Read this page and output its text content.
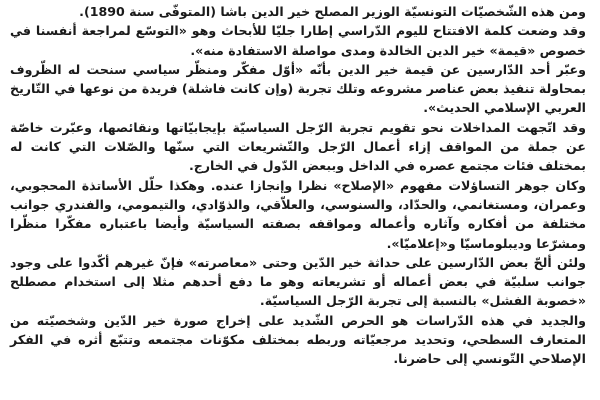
ومن هذه الشّخصيّات التونسيّة الوزير المصلح خير الدين باشا (المتوفّى سنة 1890).

وقد وضعت كلمة الافتتاح لليوم الدّراسي إطارا جليّا للأبحاث وهو «التوسّع لمراجعة أنفسنا في خصوص «قيمة» خير الدين الخالدة ومدى مواصلة الاستفادة منه».

وعبّر أحد الدّارسين عن قيمة خير الدين بأنّه «أوّل مفكّر ومنظّر سياسي سنحت له الظّروف بمحاولة تنفيذ بعض عناصر مشروعه وتلك تجربة (وإن كانت فاشلة) فريدة من نوعها في التّاريخ العربي الإسلامي الحديث».

وقد اتّجهت المداخلات نحو تقويم تجربة الرّجل السياسيّة بإيجابيّاتها ونقائصها، وعبّرت خاصّة عن جملة من المواقف إزاء أعمال الرّجل والتّشريعات التي سنّها والصّلات التي كانت له بمختلف فئات مجتمع عصره في الداخل وببعض الدّول في الخارج.

وكان جوهر التساؤلات مفهوم «الإصلاح» نظرا وإنجازا عنده. وهكذا حلّل الأساتذة المحجوبي، وعمران، ومستغانمي، والحدّاد، والسنوسي، والعلاّقي، والذوّادي، والتيمومي، والفندري جوانب مختلفة من أفكاره وآثاره وأعماله ومواقفه بصفته السياسيّة وأيضا باعتباره مفكّرا منظّرا ومشرّعا وديبلوماسيّا و«إعلاميّا».

ولئن ألحّ بعض الدّارسين على حداثة خير الدّين وحتى «معاصرته» فإنّ غيرهم أكّدوا على وجود جوانب سلبيّة في بعض أعماله أو تشريعاته وهو ما دفع أحدهم مثلا إلى استخدام مصطلح «خصوبة الفشل» بالنسبة إلى تجربة الرّجل السياسيّة.

والجديد في هذه الدّراسات هو الحرص الشّديد على إخراج صورة خير الدّين وشخصيّته من المتعارف السطحي، وتحديد مرجعيّاته وربطه بمختلف مكوّنات مجتمعه وتتبّع أثره في الفكر الإصلاحي التّونسي إلى حاضرنا.
